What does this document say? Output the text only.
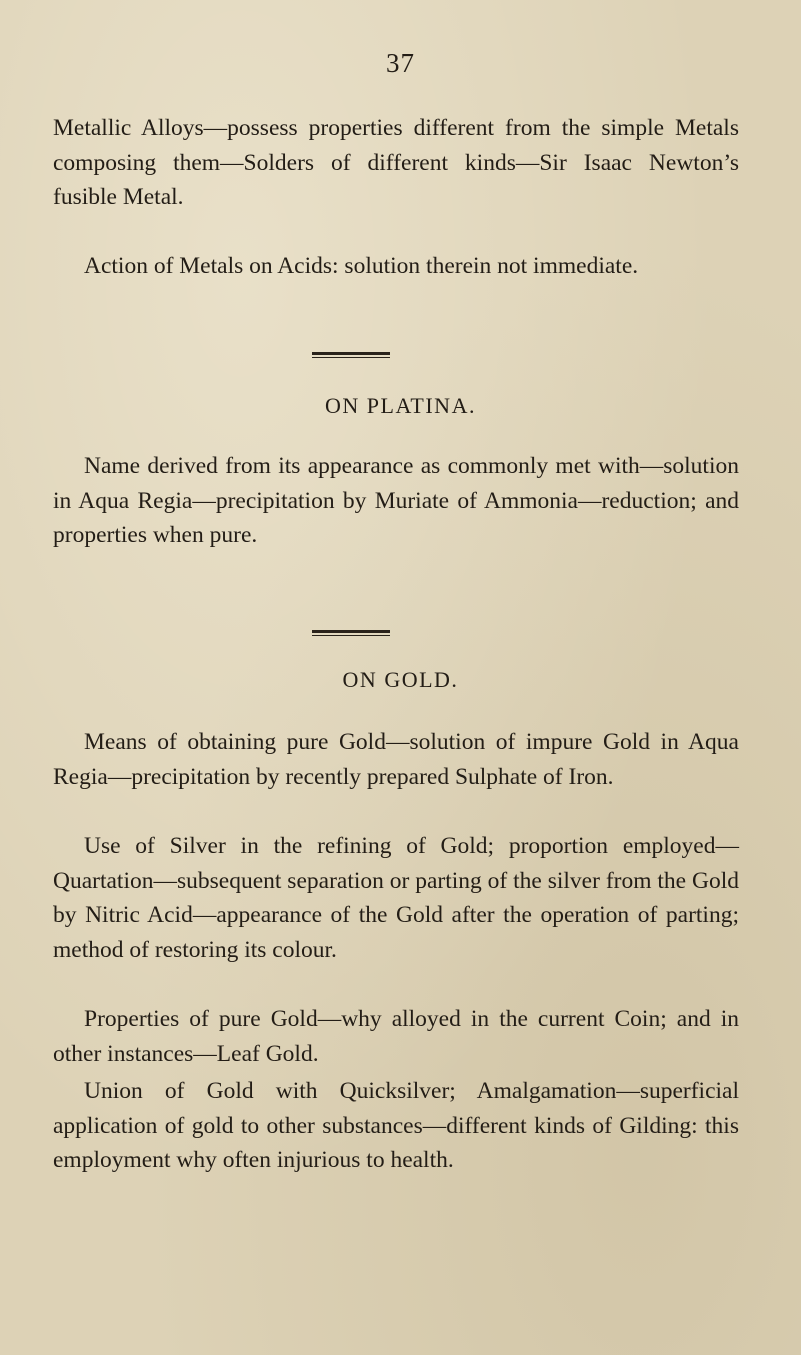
37

Metallic Alloys—possess properties different from the simple Metals composing them—Solders of different kinds—Sir Isaac Newton’s fusible Metal.

Action of Metals on Acids: solution therein not immediate.

ON PLATINA.

Name derived from its appearance as commonly met with—solution in Aqua Regia—precipitation by Muriate of Ammonia—reduction; and properties when pure.

ON GOLD.

Means of obtaining pure Gold—solution of impure Gold in Aqua Regia—precipitation by recently prepared Sulphate of Iron.

Use of Silver in the refining of Gold; proportion employed—Quartation—subsequent separation or parting of the silver from the Gold by Nitric Acid—appearance of the Gold after the operation of parting; method of restoring its colour.

Properties of pure Gold—why alloyed in the current Coin; and in other instances—Leaf Gold.

Union of Gold with Quicksilver; Amalgamation—superficial application of gold to other substances—different kinds of Gilding: this employment why often injurious to health.
